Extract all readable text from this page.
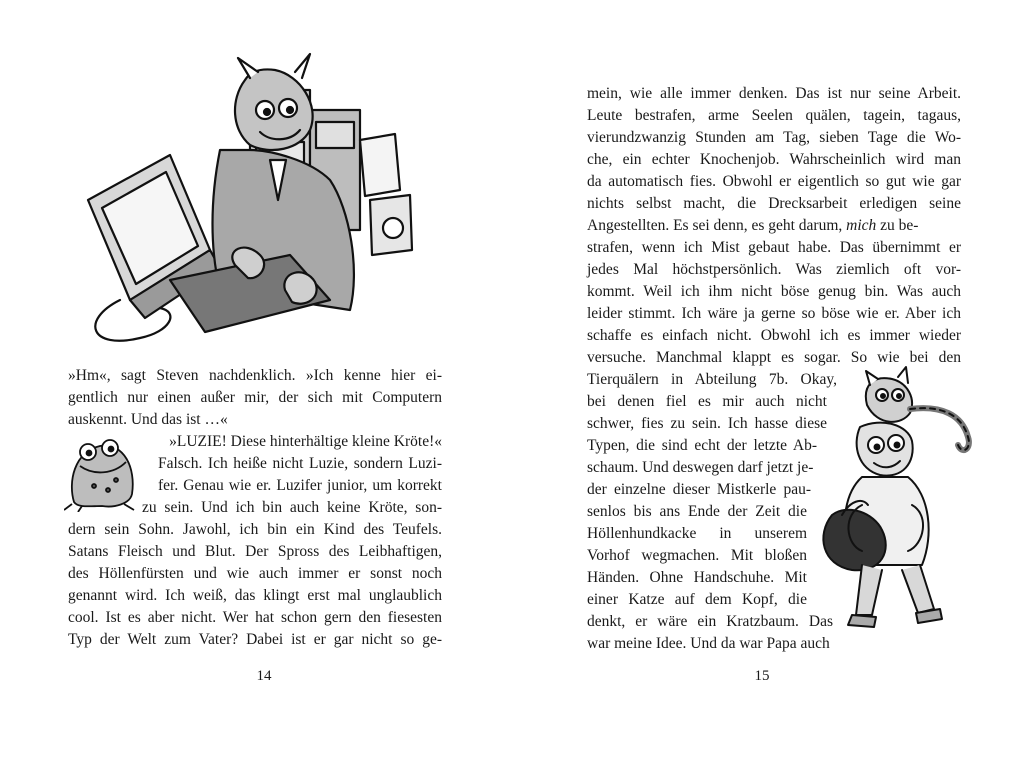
»Hm«, sagt Steven nachdenklich. »Ich kenne hier ei-
gentlich nur einen außer mir, der sich mit Computern
auskennt. Und das ist …«
»LUZIE! Diese hinterhältige kleine Kröte!«
Falsch. Ich heiße nicht Luzie, sondern Luzi-
fer. Genau wie er. Luzifer junior, um korrekt
zu sein. Und ich bin auch keine Kröte, son-
dern sein Sohn. Jawohl, ich bin ein Kind des Teufels.
Satans Fleisch und Blut. Der Spross des Leibhaftigen,
des Höllenfürsten und wie auch immer er sonst noch
genannt wird. Ich weiß, das klingt erst mal unglaublich
cool. Ist es aber nicht. Wer hat schon gern den fiesesten
Typ der Welt zum Vater? Dabei ist er gar nicht so ge-
14
mein, wie alle immer denken. Das ist nur seine Arbeit.
Leute bestrafen, arme Seelen quälen, tagein, tagaus,
vierundzwanzig Stunden am Tag, sieben Tage die Wo-
che, ein echter Knochenjob. Wahrscheinlich wird man
da automatisch fies. Obwohl er eigentlich so gut wie gar
nichts selbst macht, die Drecksarbeit erledigen seine
Angestellten. Es sei denn, es geht darum, mich zu be-
strafen, wenn ich Mist gebaut habe. Das übernimmt er
jedes Mal höchstpersönlich. Was ziemlich oft vor-
kommt. Weil ich ihm nicht böse genug bin. Was auch
leider stimmt. Ich wäre ja gerne so böse wie er. Aber ich
schaffe es einfach nicht. Obwohl ich es immer wieder
versuche. Manchmal klappt es sogar. So wie bei den
Tierquälern in Abteilung 7b. Okay,
bei denen fiel es mir auch nicht
schwer, fies zu sein. Ich hasse diese
Typen, die sind echt der letzte Ab-
schaum. Und deswegen darf jetzt je-
der einzelne dieser Mistkerle pau-
senlos bis ans Ende der Zeit die
Höllenhundkacke in unserem
Vorhof wegmachen. Mit bloßen
Händen. Ohne Handschuhe. Mit
einer Katze auf dem Kopf, die
denkt, er wäre ein Kratzbaum. Das
war meine Idee. Und da war Papa auch
15
